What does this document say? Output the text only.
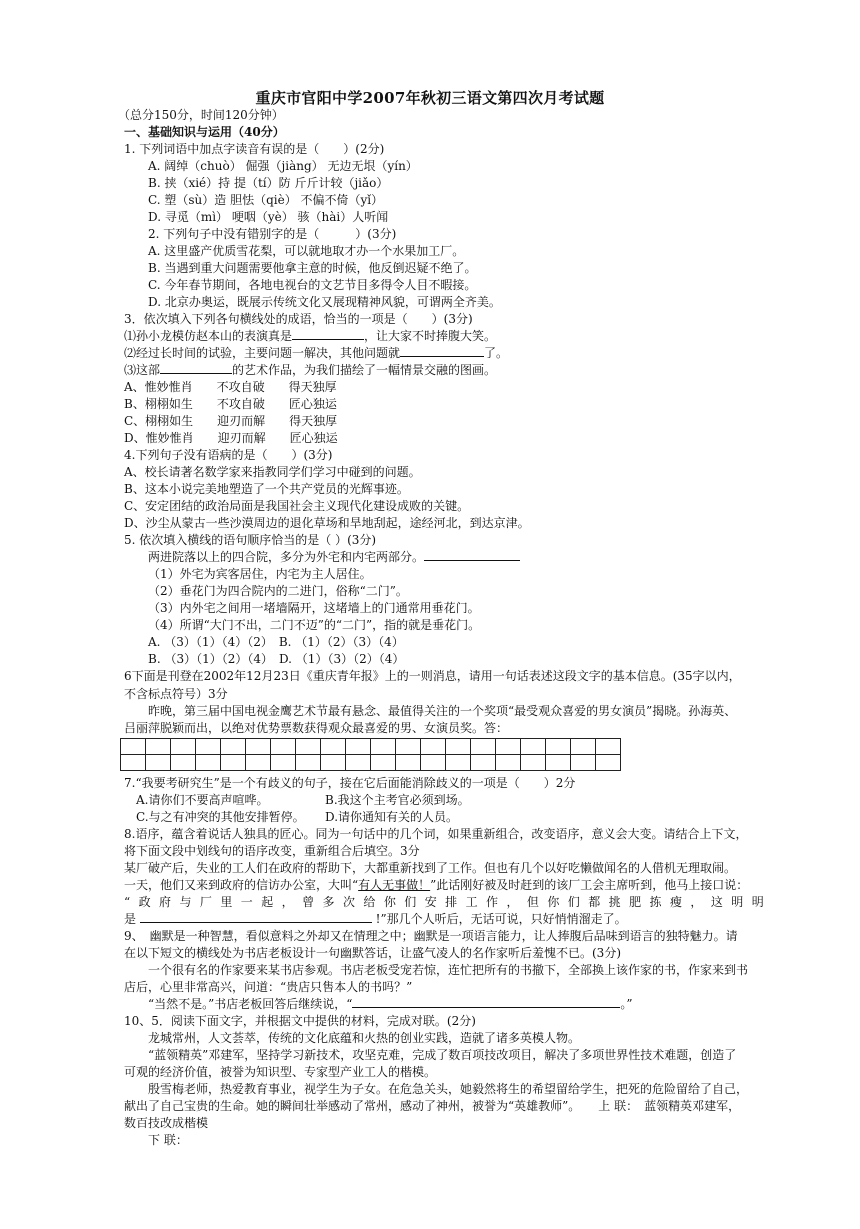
重庆市官阳中学2007年秋初三语文第四次月考试题
（总分150分，时间120分钟）
一、基础知识与运用（40分）
1. 下列词语中加点字读音有误的是（　　）(2分)
A. 阔绰（chuò） 倔强（jiàng） 无边无垠（yín）
B. 挟（xié）持 提（tí）防 斤斤计较（jiǎo）
C. 塑（sù）造 胆怯（qiè） 不偏不倚（yǐ）
D. 寻觅（mì） 哽咽（yè） 骇（hài）人听闻
2. 下列句子中没有错别字的是（　　　）(3分)
A. 这里盛产优质雪花梨，可以就地取才办一个水果加工厂。
B. 当遇到重大问题需要他拿主意的时候，他反倒迟疑不绝了。
C. 今年春节期间，各地电视台的文艺节目多得令人目不暇接。
D. 北京办奥运，既展示传统文化又展现精神风貌，可谓两全齐美。
3．依次填入下列各句横线处的成语，恰当的一项是（　　）(3分)
⑴孙小龙模仿赵本山的表演真是	，让大家不时捧腹大笑。
⑵经过长时间的试验，主要问题一解决，其他问题就	了。
⑶这部	的艺术作品，为我们描绘了一幅情景交融的图画。
A、惟妙惟肖　　不攻自破　　得天独厚
B、栩栩如生　　不攻自破　　匠心独运
C、栩栩如生　　迎刃而解　　得天独厚
D、惟妙惟肖　　迎刃而解　　匠心独运
4.下列句子没有语病的是（　　）(3分)
A、校长请著名数学家来指教同学们学习中碰到的问题。
B、这本小说完美地塑造了一个共产党员的光辉事迹。
C、安定团结的政治局面是我国社会主义现代化建设成败的关键。
D、沙尘从蒙古一些沙漠周边的退化草场和旱地刮起，途经河北，到达京津。
5. 依次填入横线的语句顺序恰当的是（ ）(3分)
两进院落以上的四合院，多分为外宅和内宅两部分。
（1）外宅为宾客居住，内宅为主人居住。
（2）垂花门为四合院内的二进门，俗称“二门”。
（3）内外宅之间用一堵墙隔开，这堵墙上的门通常用垂花门。
（4）所谓“大门不出，二门不迈”的“二门”，指的就是垂花门。
A. （3）（1）（4）（2）　B. （1）（2）（3）（4）
B. （3）（1）（2）（4）　D. （1）（3）（2）（4）
6下面是刊登在2002年12月23日《重庆青年报》上的一则消息，请用一句话表述这段文字的基本信息。(35字以内，
不含标点符号）3分
昨晚，第三届中国电视金鹰艺术节最有悬念、最值得关注的一个奖项“最受观众喜爱的男女演员”揭晓。孙海英、
吕丽萍脱颖而出，以绝对优势票数获得观众最喜爱的男、女演员奖。答：

7.“我要考研究生”是一个有歧义的句子，接在它后面能消除歧义的一项是（　　）2分
A.请你们不要高声喧哗。	B.我这个主考官必须到场。
C.与之有冲突的其他安排暂停。 D.请你通知有关的人员。
8.语序，蕴含着说话人独具的匠心。同为一句话中的几个词，如果重新组合，改变语序，意义会大变。请结合上下文，
将下面文段中划线句的语序改变，重新组合后填空。3分
某厂破产后，失业的工人们在政府的帮助下，大都重新找到了工作。但也有几个以好吃懒做闻名的人借机无理取闹。
一天，他们又来到政府的信访办公室，大叫“有人无事做！”此话刚好被及时赶到的该厂工会主席听到，他马上接口说：
“ 政 府 与 厂 里 一 起 ， 曾 多 次 给 你 们 安 排 工 作 ， 但 你 们 都 挑 肥 拣 瘦 ， 这 明 明
是	!”那几个人听后，无话可说，只好悄悄溜走了。
9、　幽默是一种智慧，看似意料之外却又在情理之中；幽默是一项语言能力，让人捧腹后品味到语言的独特魅力。请
在以下短文的横线处为书店老板设计一句幽默答话，让盛气凌人的名作家听后羞愧不已。(3分)
一个很有名的作家要来某书店参观。书店老板受宠若惊，连忙把所有的书撤下，全部换上该作家的书，作家来到书
店后，心里非常高兴，问道：“贵店只售本人的书吗？”
“当然不是。”书店老板回答后继续说，“	。”
10、5．阅读下面文字，并根据文中提供的材料，完成对联。(2分)
龙城常州，人文荟萃，传统的文化底蕴和火热的创业实践，造就了诸多英模人物。
“蓝领精英”邓建军，坚持学习新技术，攻坚克难，完成了数百项技改项目，解决了多项世界性技术难题，创造了
可观的经济价值，被誉为知识型、专家型产业工人的楷模。
殷雪梅老师，热爱教育事业，视学生为子女。在危急关头，她毅然将生的希望留给学生，把死的危险留给了自己，
献出了自己宝贵的生命。她的瞬间壮举感动了常州，感动了神州，被誉为“英雄教师”。　　上 联：　蓝领精英邓建军，
数百技改成楷模
下 联：
